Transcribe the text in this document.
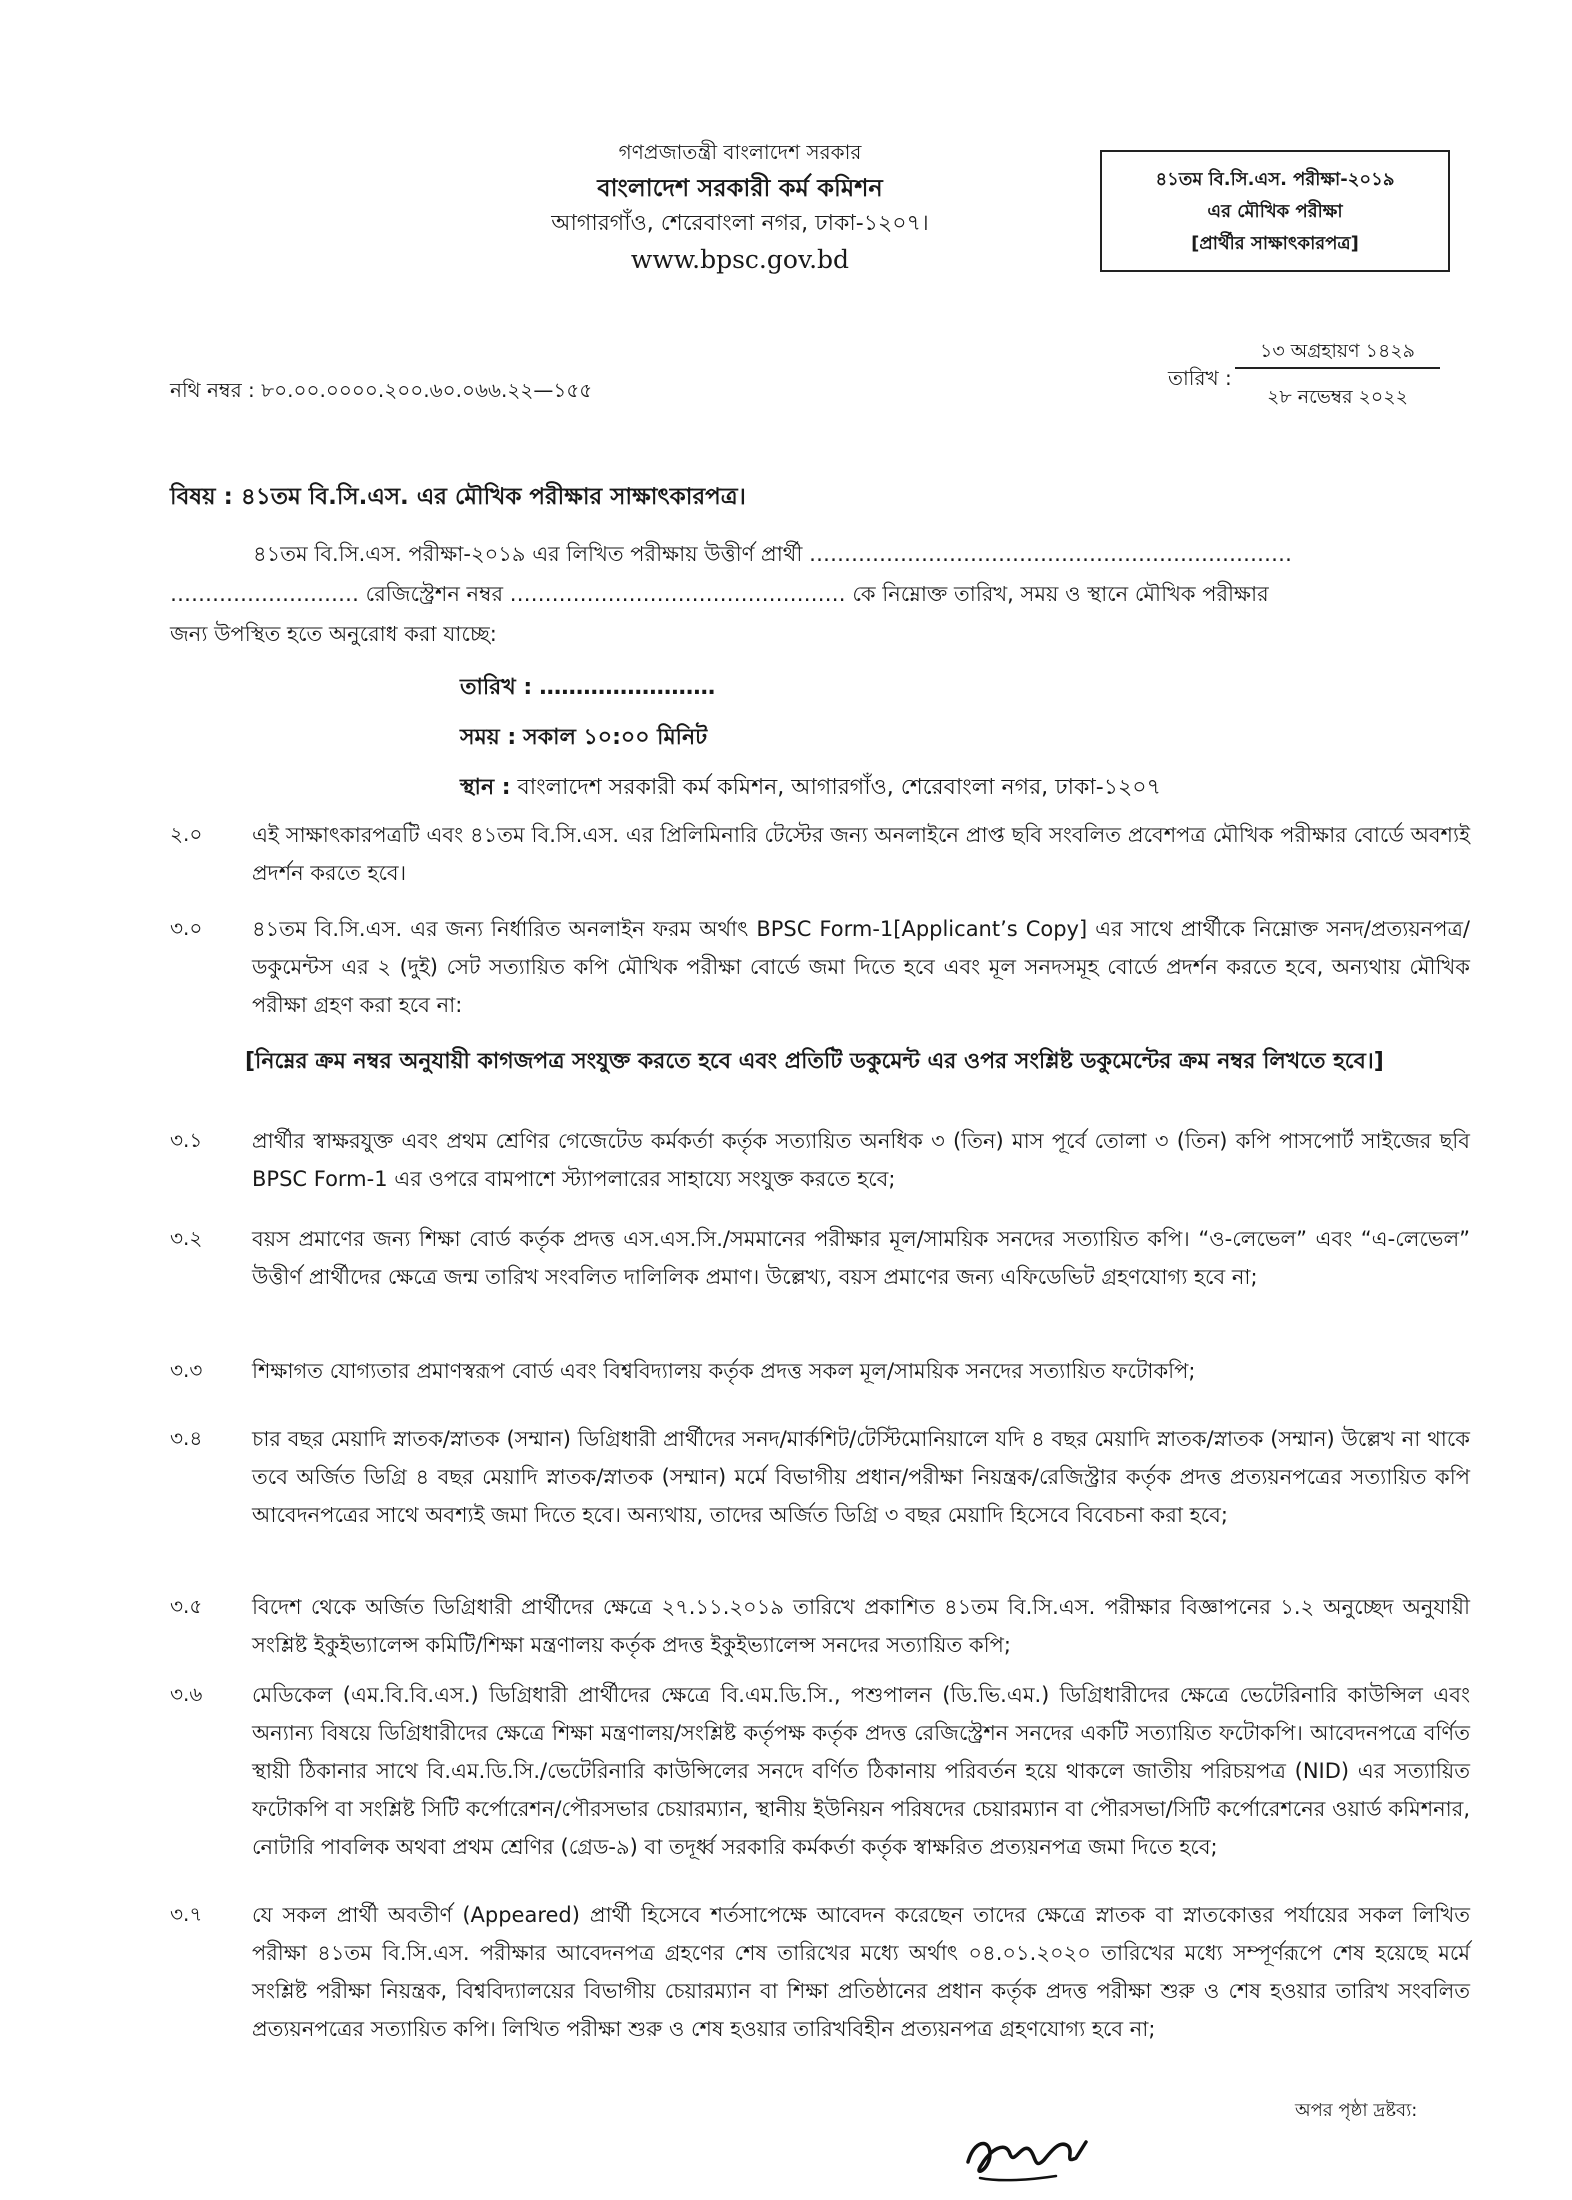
গণপ্রজাতন্ত্রী বাংলাদেশ সরকার
বাংলাদেশ সরকারী কর্ম কমিশন
আগারগাঁও, শেরেবাংলা নগর, ঢাকা-১২০৭।
www.bpsc.gov.bd
৪১তম বি.সি.এস. পরীক্ষা-২০১৯
এর মৌখিক পরীক্ষা
[প্রার্থীর সাক্ষাৎকারপত্র]
নথি নম্বর : ৮০.০০.০০০০.২০০.৬০.০৬৬.২২—১৫৫
১৩ অগ্রহায়ণ ১৪২৯
তারিখ :
২৮ নভেম্বর ২০২২
বিষয় : ৪১তম বি.সি.এস. এর মৌখিক পরীক্ষার সাক্ষাৎকারপত্র।
৪১তম বি.সি.এস. পরীক্ষা-২০১৯ এর লিখিত পরীক্ষায় উত্তীর্ণ প্রার্থী ……………………………………………………………
……………………… রেজিস্ট্রেশন নম্বর ………………………………………… কে নিম্নোক্ত তারিখ, সময় ও স্থানে মৌখিক পরীক্ষার
জন্য উপস্থিত হতে অনুরোধ করা যাচ্ছে:
তারিখ : ……………………
সময় : সকাল ১০:০০ মিনিট
স্থান : বাংলাদেশ সরকারী কর্ম কমিশন, আগারগাঁও, শেরেবাংলা নগর, ঢাকা-১২০৭
২.০	এই সাক্ষাৎকারপত্রটি এবং ৪১তম বি.সি.এস. এর প্রিলিমিনারি টেস্টের জন্য অনলাইনে প্রাপ্ত ছবি সংবলিত প্রবেশপত্র মৌখিক পরীক্ষার বোর্ডে অবশ্যই প্রদর্শন করতে হবে।
৩.০	৪১তম বি.সি.এস. এর জন্য নির্ধারিত অনলাইন ফরম অর্থাৎ BPSC Form-1[Applicant’s Copy] এর সাথে প্রার্থীকে নিম্নোক্ত সনদ/প্রত্যয়নপত্র/ডকুমেন্টস এর ২ (দুই) সেট সত্যায়িত কপি মৌখিক পরীক্ষা বোর্ডে জমা দিতে হবে এবং মূল সনদসমূহ বোর্ডে প্রদর্শন করতে হবে, অন্যথায় মৌখিক পরীক্ষা গ্রহণ করা হবে না:
[নিম্নের ক্রম নম্বর অনুযায়ী কাগজপত্র সংযুক্ত করতে হবে এবং প্রতিটি ডকুমেন্ট এর ওপর সংশ্লিষ্ট ডকুমেন্টের ক্রম নম্বর লিখতে হবে।]
৩.১	প্রার্থীর স্বাক্ষরযুক্ত এবং প্রথম শ্রেণির গেজেটেড কর্মকর্তা কর্তৃক সত্যায়িত অনধিক ৩ (তিন) মাস পূর্বে তোলা ৩ (তিন) কপি পাসপোর্ট সাইজের ছবি BPSC Form-1 এর ওপরে বামপাশে স্ট্যাপলারের সাহায্যে সংযুক্ত করতে হবে;
৩.২	বয়স প্রমাণের জন্য শিক্ষা বোর্ড কর্তৃক প্রদত্ত এস.এস.সি./সমমানের পরীক্ষার মূল/সাময়িক সনদের সত্যায়িত কপি। “ও-লেভেল” এবং “এ-লেভেল” উত্তীর্ণ প্রার্থীদের ক্ষেত্রে জন্ম তারিখ সংবলিত দালিলিক প্রমাণ। উল্লেখ্য, বয়স প্রমাণের জন্য এফিডেভিট গ্রহণযোগ্য হবে না;
৩.৩	শিক্ষাগত যোগ্যতার প্রমাণস্বরূপ বোর্ড এবং বিশ্ববিদ্যালয় কর্তৃক প্রদত্ত সকল মূল/সাময়িক সনদের সত্যায়িত ফটোকপি;
৩.৪	চার বছর মেয়াদি স্নাতক/স্নাতক (সম্মান) ডিগ্রিধারী প্রার্থীদের সনদ/মার্কশিট/টেস্টিমোনিয়ালে যদি ৪ বছর মেয়াদি স্নাতক/স্নাতক (সম্মান) উল্লেখ না থাকে তবে অর্জিত ডিগ্রি ৪ বছর মেয়াদি স্নাতক/স্নাতক (সম্মান) মর্মে বিভাগীয় প্রধান/পরীক্ষা নিয়ন্ত্রক/রেজিস্ট্রার কর্তৃক প্রদত্ত প্রত্যয়নপত্রের সত্যায়িত কপি আবেদনপত্রের সাথে অবশ্যই জমা দিতে হবে। অন্যথায়, তাদের অর্জিত ডিগ্রি ৩ বছর মেয়াদি হিসেবে বিবেচনা করা হবে;
৩.৫	বিদেশ থেকে অর্জিত ডিগ্রিধারী প্রার্থীদের ক্ষেত্রে ২৭.১১.২০১৯ তারিখে প্রকাশিত ৪১তম বি.সি.এস. পরীক্ষার বিজ্ঞাপনের ১.২ অনুচ্ছেদ অনুযায়ী সংশ্লিষ্ট ইকুইভ্যালেন্স কমিটি/শিক্ষা মন্ত্রণালয় কর্তৃক প্রদত্ত ইকুইভ্যালেন্স সনদের সত্যায়িত কপি;
৩.৬	মেডিকেল (এম.বি.বি.এস.) ডিগ্রিধারী প্রার্থীদের ক্ষেত্রে বি.এম.ডি.সি., পশুপালন (ডি.ভি.এম.) ডিগ্রিধারীদের ক্ষেত্রে ভেটেরিনারি কাউন্সিল এবং অন্যান্য বিষয়ে ডিগ্রিধারীদের ক্ষেত্রে শিক্ষা মন্ত্রণালয়/সংশ্লিষ্ট কর্তৃপক্ষ কর্তৃক প্রদত্ত রেজিস্ট্রেশন সনদের একটি সত্যায়িত ফটোকপি। আবেদনপত্রে বর্ণিত স্থায়ী ঠিকানার সাথে বি.এম.ডি.সি./ভেটেরিনারি কাউন্সিলের সনদে বর্ণিত ঠিকানায় পরিবর্তন হয়ে থাকলে জাতীয় পরিচয়পত্র (NID) এর সত্যায়িত ফটোকপি বা সংশ্লিষ্ট সিটি কর্পোরেশন/পৌরসভার চেয়ারম্যান, স্থানীয় ইউনিয়ন পরিষদের চেয়ারম্যান বা পৌরসভা/সিটি কর্পোরেশনের ওয়ার্ড কমিশনার, নোটারি পাবলিক অথবা প্রথম শ্রেণির (গ্রেড-৯) বা তদূর্ধ্ব সরকারি কর্মকর্তা কর্তৃক স্বাক্ষরিত প্রত্যয়নপত্র জমা দিতে হবে;
৩.৭	যে সকল প্রার্থী অবতীর্ণ (Appeared) প্রার্থী হিসেবে শর্তসাপেক্ষে আবেদন করেছেন তাদের ক্ষেত্রে স্নাতক বা স্নাতকোত্তর পর্যায়ের সকল লিখিত পরীক্ষা ৪১তম বি.সি.এস. পরীক্ষার আবেদনপত্র গ্রহণের শেষ তারিখের মধ্যে অর্থাৎ ০৪.০১.২০২০ তারিখের মধ্যে সম্পূর্ণরূপে শেষ হয়েছে মর্মে সংশ্লিষ্ট পরীক্ষা নিয়ন্ত্রক, বিশ্ববিদ্যালয়ের বিভাগীয় চেয়ারম্যান বা শিক্ষা প্রতিষ্ঠানের প্রধান কর্তৃক প্রদত্ত পরীক্ষা শুরু ও শেষ হওয়ার তারিখ সংবলিত প্রত্যয়নপত্রের সত্যায়িত কপি। লিখিত পরীক্ষা শুরু ও শেষ হওয়ার তারিখবিহীন প্রত্যয়নপত্র গ্রহণযোগ্য হবে না;
অপর পৃষ্ঠা দ্রষ্টব্য:
